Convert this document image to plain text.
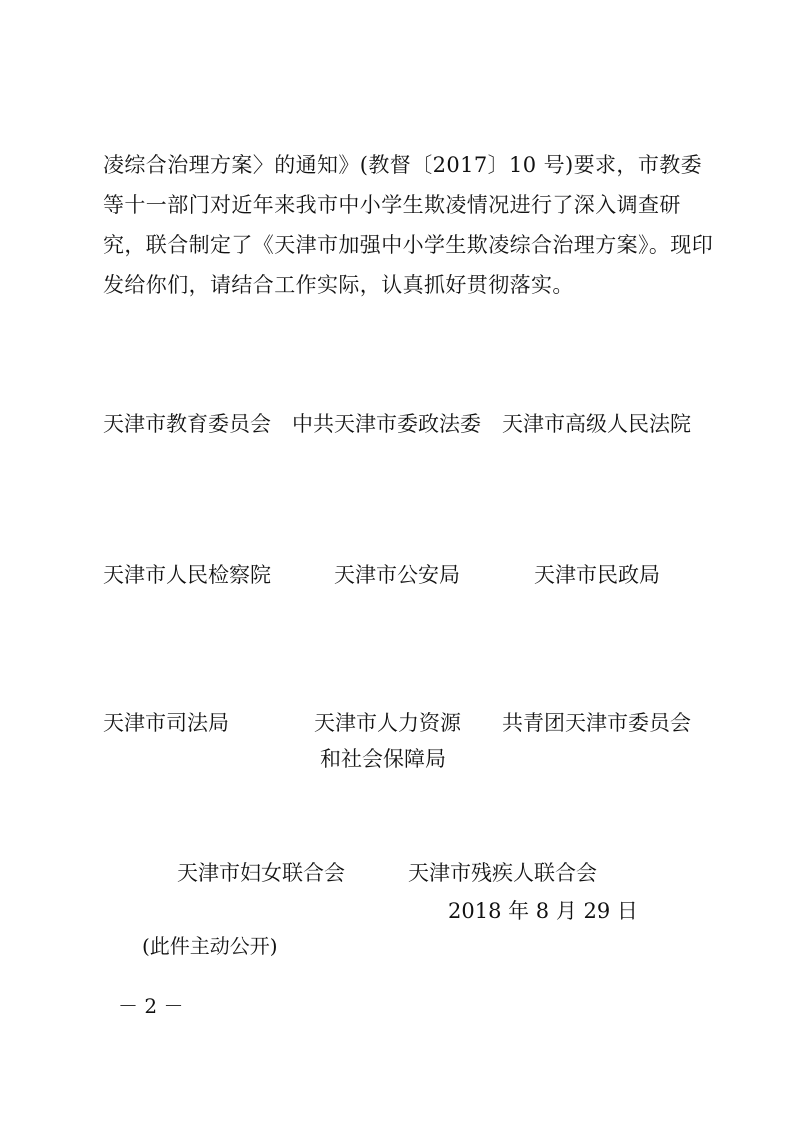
凌综合治理方案〉的通知》(教督〔2017〕10 号)要求，市教委
等十一部门对近年来我市中小学生欺凌情况进行了深入调查研
究，联合制定了《天津市加强中小学生欺凌综合治理方案》。现印
发给你们，请结合工作实际，认真抓好贯彻落实。
天津市教育委员会 中共天津市委政法委 天津市高级人民法院
天津市人民检察院	天津市公安局	天津市民政局
天津市司法局	天津市人力资源 共青团天津市委员会
和社会保障局
天津市妇女联合会	天津市残疾人联合会
2018 年 8 月 29 日
(此件主动公开)
－ 2 －
